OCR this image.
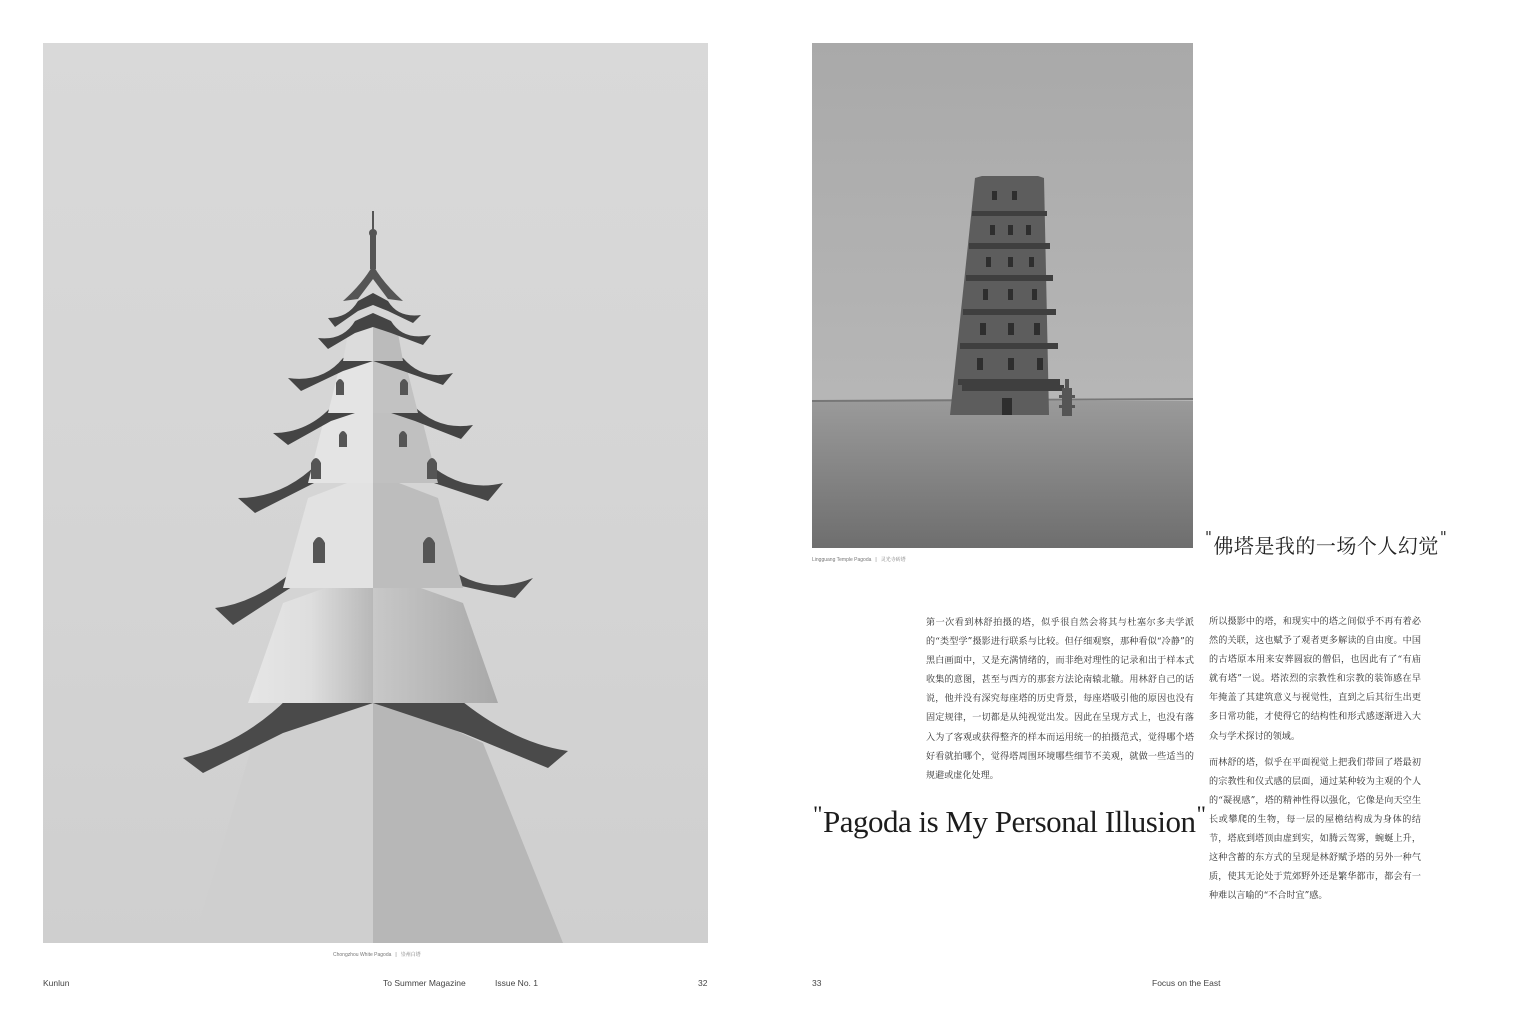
Chongzhou White Pagoda | 崇州白塔
Lingguang Temple Pagoda | 灵光寺砖塔
"佛塔是我的一场个人幻觉"

第一次看到林舒拍摄的塔，似乎很自然会将其与杜塞尔多夫学派的“类型学”摄影进行联系与比较。但仔细观察，那种看似“冷静”的黑白画面中，又是充满情绪的，而非绝对理性的记录和出于样本式收集的意图，甚至与西方的那套方法论南辕北辙。用林舒自己的话说，他并没有深究每座塔的历史背景，每座塔吸引他的原因也没有固定规律，一切都是从纯视觉出发。因此在呈现方式上，也没有落入为了客观或获得整齐的样本而运用统一的拍摄范式，觉得哪个塔好看就拍哪个，觉得塔周围环境哪些细节不美观，就做一些适当的规避或虚化处理。

所以摄影中的塔，和现实中的塔之间似乎不再有着必然的关联，这也赋予了观者更多解读的自由度。中国的古塔原本用来安葬圆寂的僧侣，也因此有了“有庙就有塔”一说。塔浓烈的宗教性和宗教的装饰感在早年掩盖了其建筑意义与视觉性，直到之后其衍生出更多日常功能，才使得它的结构性和形式感逐渐进入大众与学术探讨的领域。

而林舒的塔，似乎在平面视觉上把我们带回了塔最初的宗教性和仪式感的层面，通过某种较为主观的个人的“凝视感”，塔的精神性得以强化，它像是向天空生长或攀爬的生物，每一层的屋檐结构成为身体的结节，塔底到塔顶由虚到实，如腾云驾雾，蜿蜒上升，这种含蓄的东方式的呈现是林舒赋予塔的另外一种气质，使其无论处于荒郊野外还是繁华都市，都会有一种难以言喻的“不合时宜”感。

"Pagoda is My Personal Illusion"
Kunlun	To Summer Magazine	Issue No. 1	32	33	Focus on the East
